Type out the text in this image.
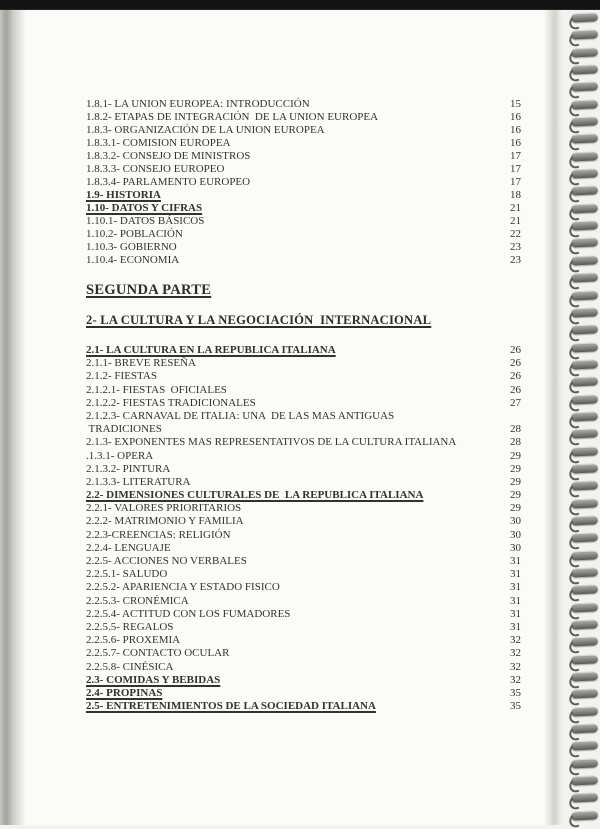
1.8.1- LA UNION EUROPEA: INTRODUCCIÓN	15
1.8.2- ETAPAS DE INTEGRACIÓN  DE LA UNION EUROPEA	16
1.8.3- ORGANIZACIÓN DE LA UNION EUROPEA	16
1.8.3.1- COMISION EUROPEA	16
1.8.3.2- CONSEJO DE MINISTROS	17
1.8.3.3- CONSEJO EUROPEO	17
1.8.3.4- PARLAMENTO EUROPEO	17
1.9- HISTORIA	18
1.10- DATOS Y CIFRAS	21
1.10.1- DATOS BÁSICOS	21
1.10.2- POBLACIÓN	22
1.10.3- GOBIERNO	23
1.10.4- ECONOMIA	23
SEGUNDA PARTE
2- LA CULTURA Y LA NEGOCIACIÓN  INTERNACIONAL
2.1- LA CULTURA EN LA REPUBLICA ITALIANA	26
2.1.1- BREVE RESEÑA	26
2.1.2- FIESTAS	26
2.1.2.1- FIESTAS  OFICIALES	26
2.1.2.2- FIESTAS TRADICIONALES	27
2.1.2.3- CARNAVAL DE ITALIA: UNA  DE LAS MAS ANTIGUAS
TRADICIONES	28
2.1.3- EXPONENTES MAS REPRESENTATIVOS DE LA CULTURA ITALIANA	28
.1.3.1- OPERA	29
2.1.3.2- PINTURA	29
2.1.3.3- LITERATURA	29
2.2- DIMENSIONES CULTURALES DE  LA REPUBLICA ITALIANA	29
2.2.1- VALORES PRIORITARIOS	29
2.2.2- MATRIMONIO Y FAMILIA	30
2.2.3-CREENCIAS: RELIGIÓN	30
2.2.4- LENGUAJE	30
2.2.5- ACCIONES NO VERBALES	31
2.2.5.1- SALUDO	31
2.2.5.2- APARIENCIA Y ESTADO FISICO	31
2.2.5.3- CRONÉMICA	31
2.2.5.4- ACTITUD CON LOS FUMADORES	31
2.2.5.5- REGALOS	31
2.2.5.6- PROXEMIA	32
2.2.5.7- CONTACTO OCULAR	32
2.2.5.8- CINÉSICA	32
2.3- COMIDAS Y BEBIDAS	32
2.4- PROPINAS	35
2.5- ENTRETENIMIENTOS DE LA SOCIEDAD ITALIANA	35
